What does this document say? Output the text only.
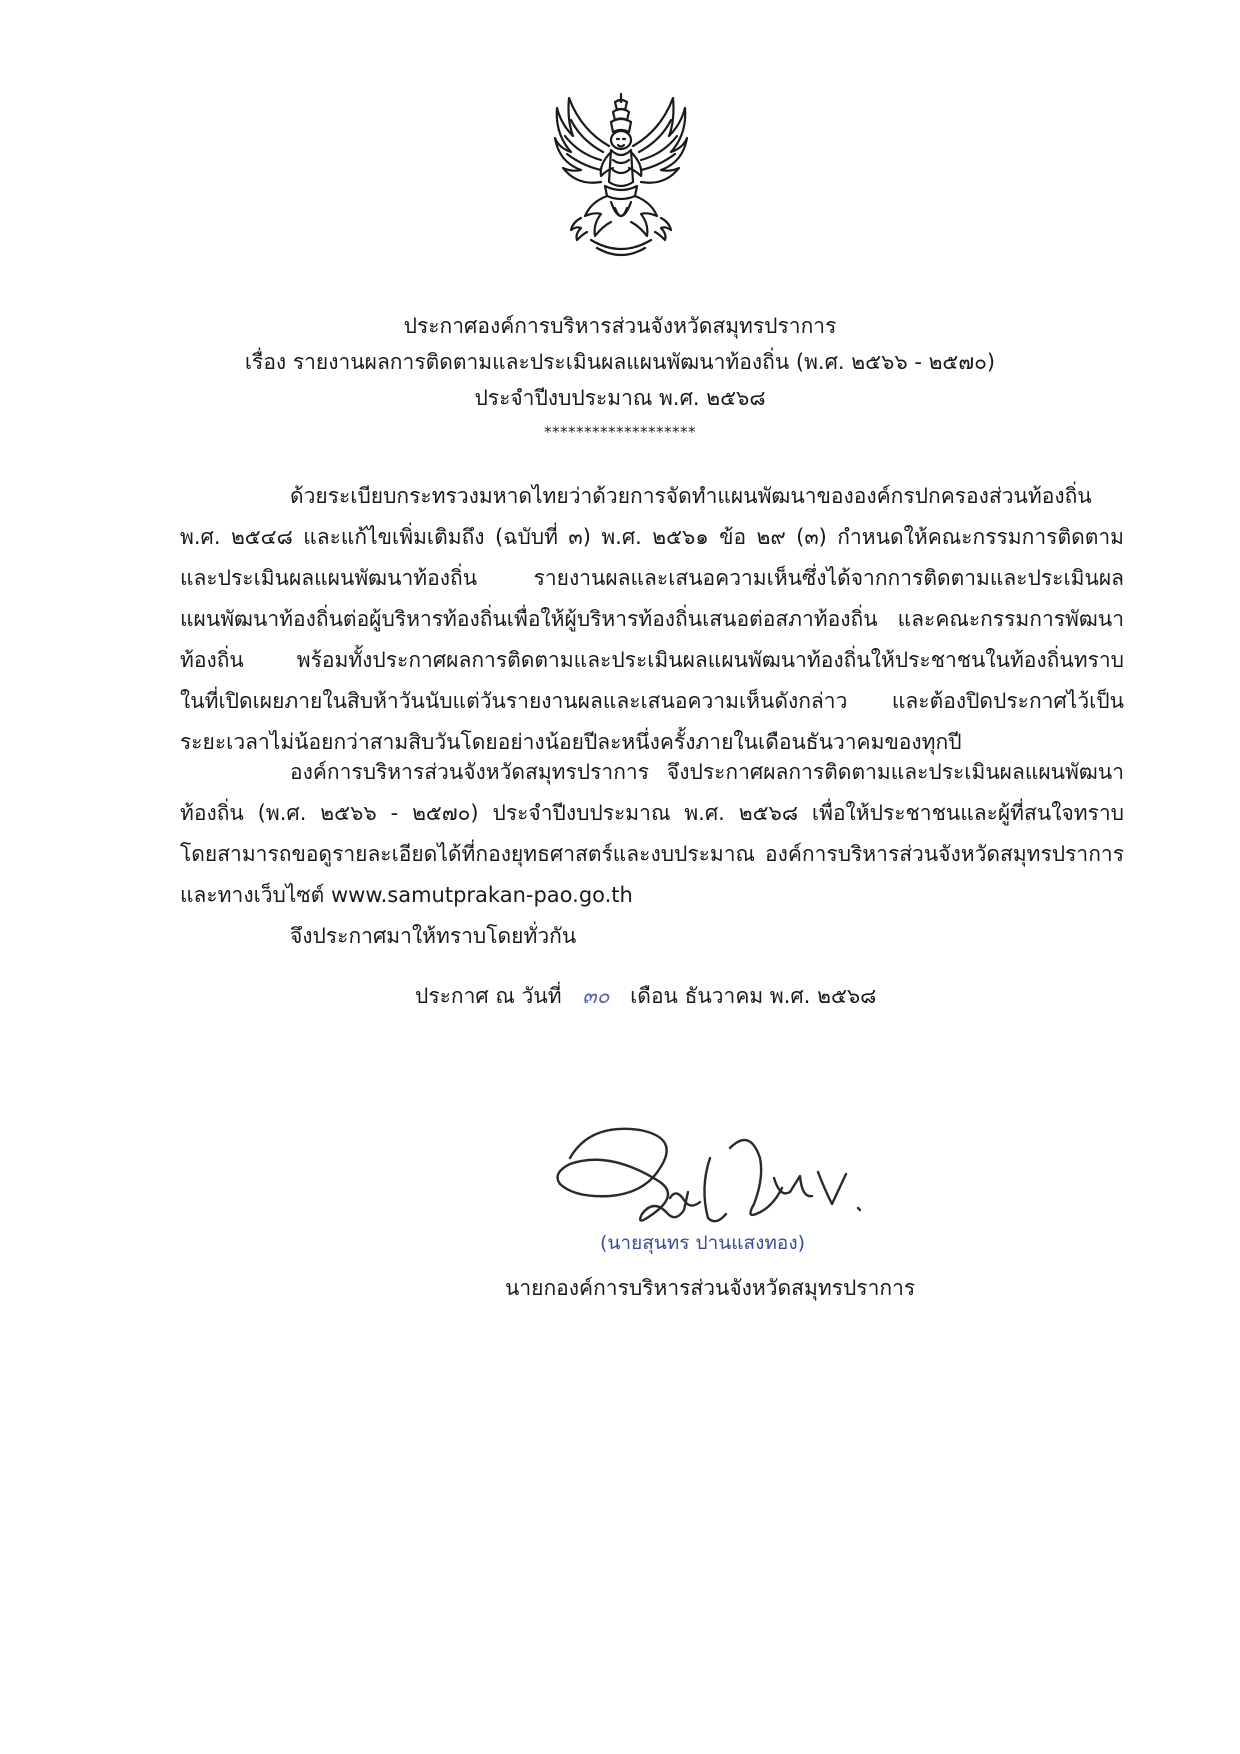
ประกาศองค์การบริหารส่วนจังหวัดสมุทรปราการ
เรื่อง รายงานผลการติดตามและประเมินผลแผนพัฒนาท้องถิ่น (พ.ศ. ๒๕๖๖ - ๒๕๗๐)
ประจำปีงบประมาณ พ.ศ. ๒๕๖๘
*******************
ด้วยระเบียบกระทรวงมหาดไทยว่าด้วยการจัดทำแผนพัฒนาขององค์กรปกครองส่วนท้องถิ่น
พ.ศ. ๒๕๔๘ และแก้ไขเพิ่มเติมถึง (ฉบับที่ ๓) พ.ศ. ๒๕๖๑ ข้อ ๒๙ (๓) กำหนดให้คณะกรรมการติดตาม
และประเมินผลแผนพัฒนาท้องถิ่น รายงานผลและเสนอความเห็นซึ่งได้จากการติดตามและประเมินผล
แผนพัฒนาท้องถิ่นต่อผู้บริหารท้องถิ่นเพื่อให้ผู้บริหารท้องถิ่นเสนอต่อสภาท้องถิ่น และคณะกรรมการพัฒนา
ท้องถิ่น พร้อมทั้งประกาศผลการติดตามและประเมินผลแผนพัฒนาท้องถิ่นให้ประชาชนในท้องถิ่นทราบ
ในที่เปิดเผยภายในสิบห้าวันนับแต่วันรายงานผลและเสนอความเห็นดังกล่าว และต้องปิดประกาศไว้เป็น
ระยะเวลาไม่น้อยกว่าสามสิบวันโดยอย่างน้อยปีละหนึ่งครั้งภายในเดือนธันวาคมของทุกปี
องค์การบริหารส่วนจังหวัดสมุทรปราการ จึงประกาศผลการติดตามและประเมินผลแผนพัฒนา
ท้องถิ่น (พ.ศ. ๒๕๖๖ - ๒๕๗๐) ประจำปีงบประมาณ พ.ศ. ๒๕๖๘ เพื่อให้ประชาชนและผู้ที่สนใจทราบ
โดยสามารถขอดูรายละเอียดได้ที่กองยุทธศาสตร์และงบประมาณ องค์การบริหารส่วนจังหวัดสมุทรปราการ
และทางเว็บไซต์ www.samutprakan-pao.go.th
จึงประกาศมาให้ทราบโดยทั่วกัน
ประกาศ ณ วันที่ ๓๐ เดือน ธันวาคม พ.ศ. ๒๕๖๘
(นายสุนทร ปานแสงทอง)
นายกองค์การบริหารส่วนจังหวัดสมุทรปราการ
